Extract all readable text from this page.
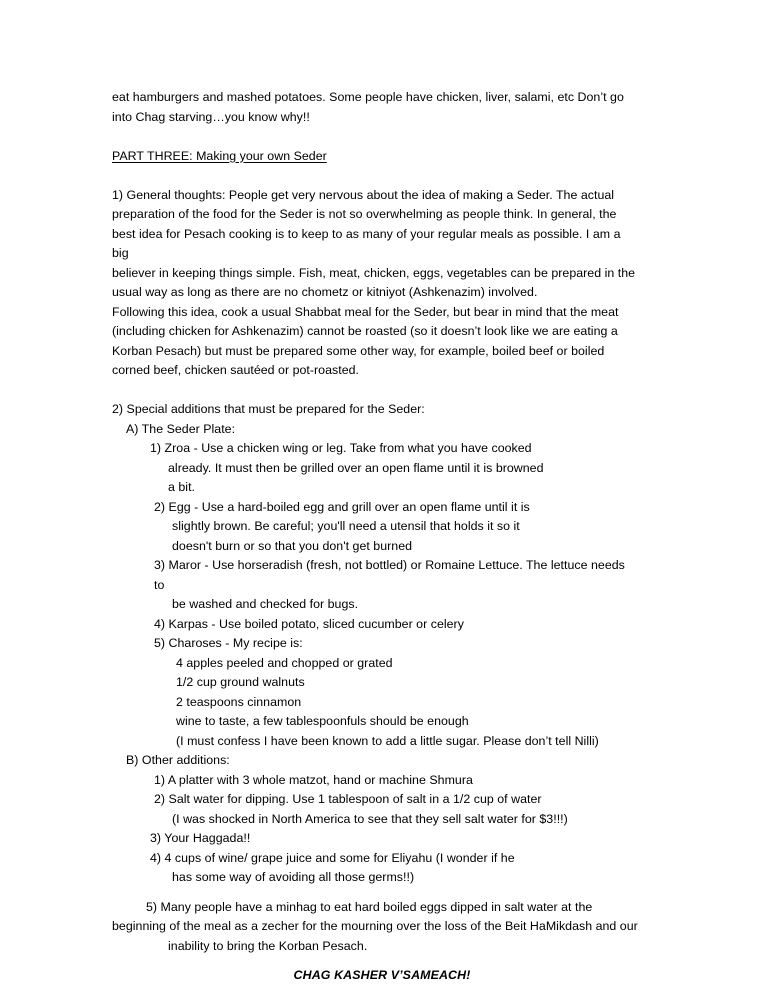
eat hamburgers and mashed potatoes. Some people have chicken, liver, salami, etc Don’t go

into Chag starving…you know why!!

PART THREE: Making your own Seder

1) General thoughts: People get very nervous about the idea of making a Seder. The actual

preparation of the food for the Seder is not so overwhelming as people think. In general, the

best idea for Pesach cooking is to keep to as many of your regular meals as possible. I am a big

believer in keeping things simple. Fish, meat, chicken, eggs, vegetables can be prepared in the

usual way as long as there are no chometz or kitniyot (Ashkenazim) involved.

Following this idea, cook a usual Shabbat meal for the Seder, but bear in mind that the meat

(including chicken for Ashkenazim) cannot be roasted (so it doesn’t look like we are eating a

Korban Pesach) but must be prepared some other way, for example, boiled beef or boiled

corned beef, chicken sautéed or pot-roasted.

2) Special additions that must be prepared for the Seder:

A) The Seder Plate:

1) Zroa - Use a chicken wing or leg. Take from what you have cooked

already. It must then be grilled over an open flame until it is browned

a bit.

2) Egg - Use a hard-boiled egg and grill over an open flame until it is

slightly brown. Be careful; you'll need a utensil that holds it so it

doesn't burn or so that you don't get burned

3) Maror - Use horseradish (fresh, not bottled) or Romaine Lettuce. The lettuce needs to

be washed and checked for bugs.

4) Karpas - Use boiled potato, sliced cucumber or celery

5) Charoses - My recipe is:

4 apples peeled and chopped or grated

1/2 cup ground walnuts

2 teaspoons cinnamon

wine to taste, a few tablespoonfuls should be enough

(I must confess I have been known to add a little sugar. Please don’t tell Nilli)

B) Other additions:

1) A platter with 3 whole matzot, hand or machine Shmura

2) Salt water for dipping. Use 1 tablespoon of salt in a 1/2 cup of water

(I was shocked in North America to see that they sell salt water for $3!!!)

3) Your Haggada!!

4) 4 cups of wine/ grape juice and some for Eliyahu (I wonder if he

has some way of avoiding all those germs!!)

5) Many people have a minhag to eat hard boiled eggs dipped in salt water at the

beginning of the meal as a zecher for the mourning over the loss of the Beit HaMikdash and our

inability to bring the Korban Pesach.

CHAG KASHER V’SAMEACH!
